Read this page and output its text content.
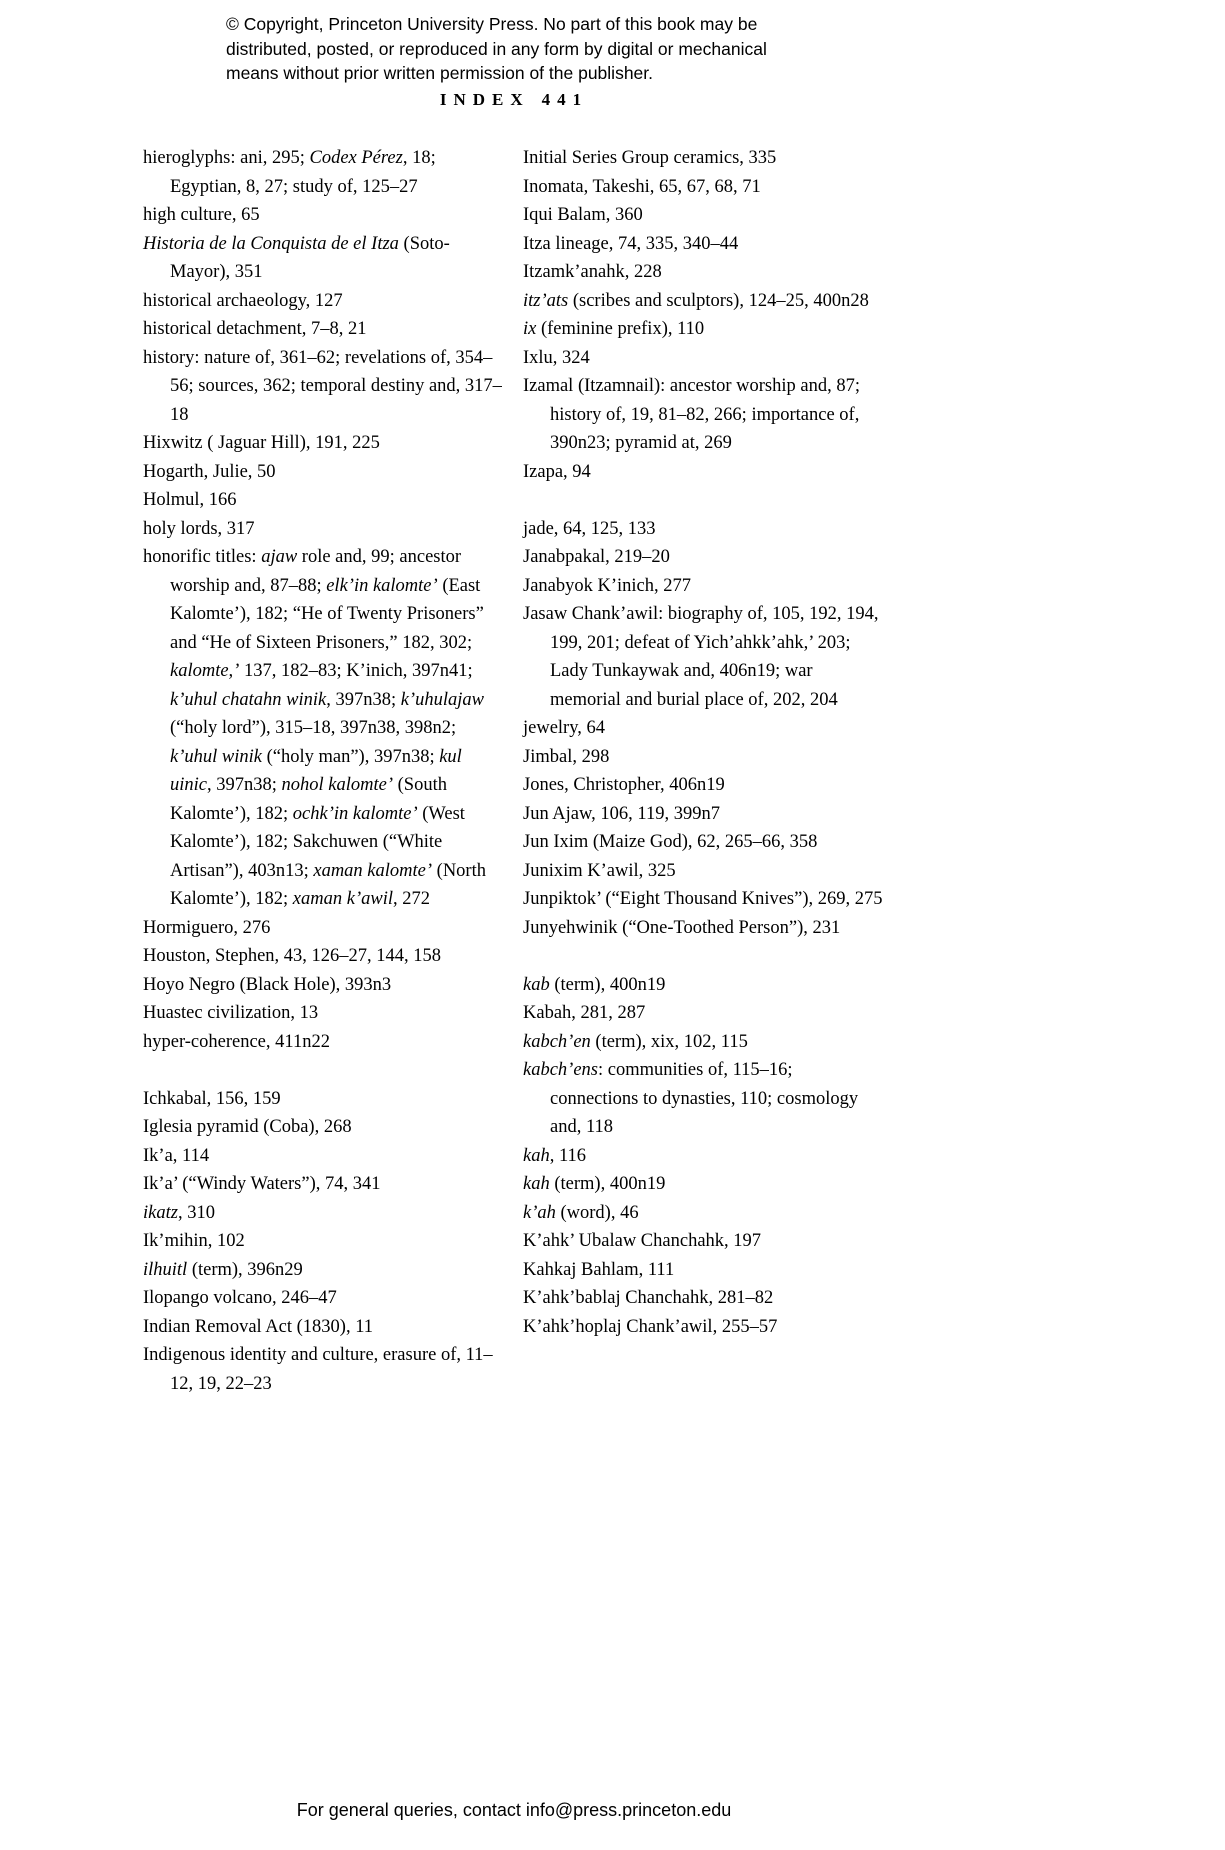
© Copyright, Princeton University Press. No part of this book may be
distributed, posted, or reproduced in any form by digital or mechanical
means without prior written permission of the publisher.
INDEX 441

hieroglyphs: ani, 295; Codex Pérez, 18; Egyptian, 8, 27; study of, 125–27

high culture, 65

Historia de la Conquista de el Itza (Soto-Mayor), 351

historical archaeology, 127

historical detachment, 7–8, 21

history: nature of, 361–62; revelations of, 354–56; sources, 362; temporal destiny and, 317–18

Hixwitz ( Jaguar Hill), 191, 225

Hogarth, Julie, 50

Holmul, 166

holy lords, 317

honorific titles: ajaw role and, 99; ancestor worship and, 87–88; elk’in kalomte’ (East Kalomte’), 182; “He of Twenty Prisoners” and “He of Sixteen Prisoners,” 182, 302; kalomte,’ 137, 182–83; K’inich, 397n41; k’uhul chatahn winik, 397n38; k’uhulajaw (“holy lord”), 315–18, 397n38, 398n2; k’uhul winik (“holy man”), 397n38; kul uinic, 397n38; nohol kalomte’ (South Kalomte’), 182; ochk’in kalomte’ (West Kalomte’), 182; Sakchuwen (“White Artisan”), 403n13; xaman kalomte’ (North Kalomte’), 182; xaman k’awil, 272

Hormiguero, 276

Houston, Stephen, 43, 126–27, 144, 158

Hoyo Negro (Black Hole), 393n3

Huastec civilization, 13

hyper-coherence, 411n22

Ichkabal, 156, 159

Iglesia pyramid (Coba), 268

Ik’a, 114

Ik’a’ (“Windy Waters”), 74, 341

ikatz, 310

Ik’mihin, 102

ilhuitl (term), 396n29

Ilopango volcano, 246–47

Indian Removal Act (1830), 11

Indigenous identity and culture, erasure of, 11–12, 19, 22–23

Initial Series Group ceramics, 335

Inomata, Takeshi, 65, 67, 68, 71

Iqui Balam, 360

Itza lineage, 74, 335, 340–44

Itzamk’anahk, 228

itz’ats (scribes and sculptors), 124–25, 400n28

ix (feminine prefix), 110

Ixlu, 324

Izamal (Itzamnail): ancestor worship and, 87; history of, 19, 81–82, 266; importance of, 390n23; pyramid at, 269

Izapa, 94

jade, 64, 125, 133

Janabpakal, 219–20

Janabyok K’inich, 277

Jasaw Chank’awil: biography of, 105, 192, 194, 199, 201; defeat of Yich’ahkk’ahk,’ 203; Lady Tunkaywak and, 406n19; war memorial and burial place of, 202, 204

jewelry, 64

Jimbal, 298

Jones, Christopher, 406n19

Jun Ajaw, 106, 119, 399n7

Jun Ixim (Maize God), 62, 265–66, 358

Junixim K’awil, 325

Junpiktok’ (“Eight Thousand Knives”), 269, 275

Junyehwinik (“One-Toothed Person”), 231

kab (term), 400n19

Kabah, 281, 287

kabch’en (term), xix, 102, 115

kabch’ens: communities of, 115–16; connections to dynasties, 110; cosmology and, 118

kah, 116

kah (term), 400n19

k’ah (word), 46

K’ahk’ Ubalaw Chanchahk, 197

Kahkaj Bahlam, 111

K’ahk’bablaj Chanchahk, 281–82

K’ahk’hoplaj Chank’awil, 255–57

For general queries, contact info@press.princeton.edu
